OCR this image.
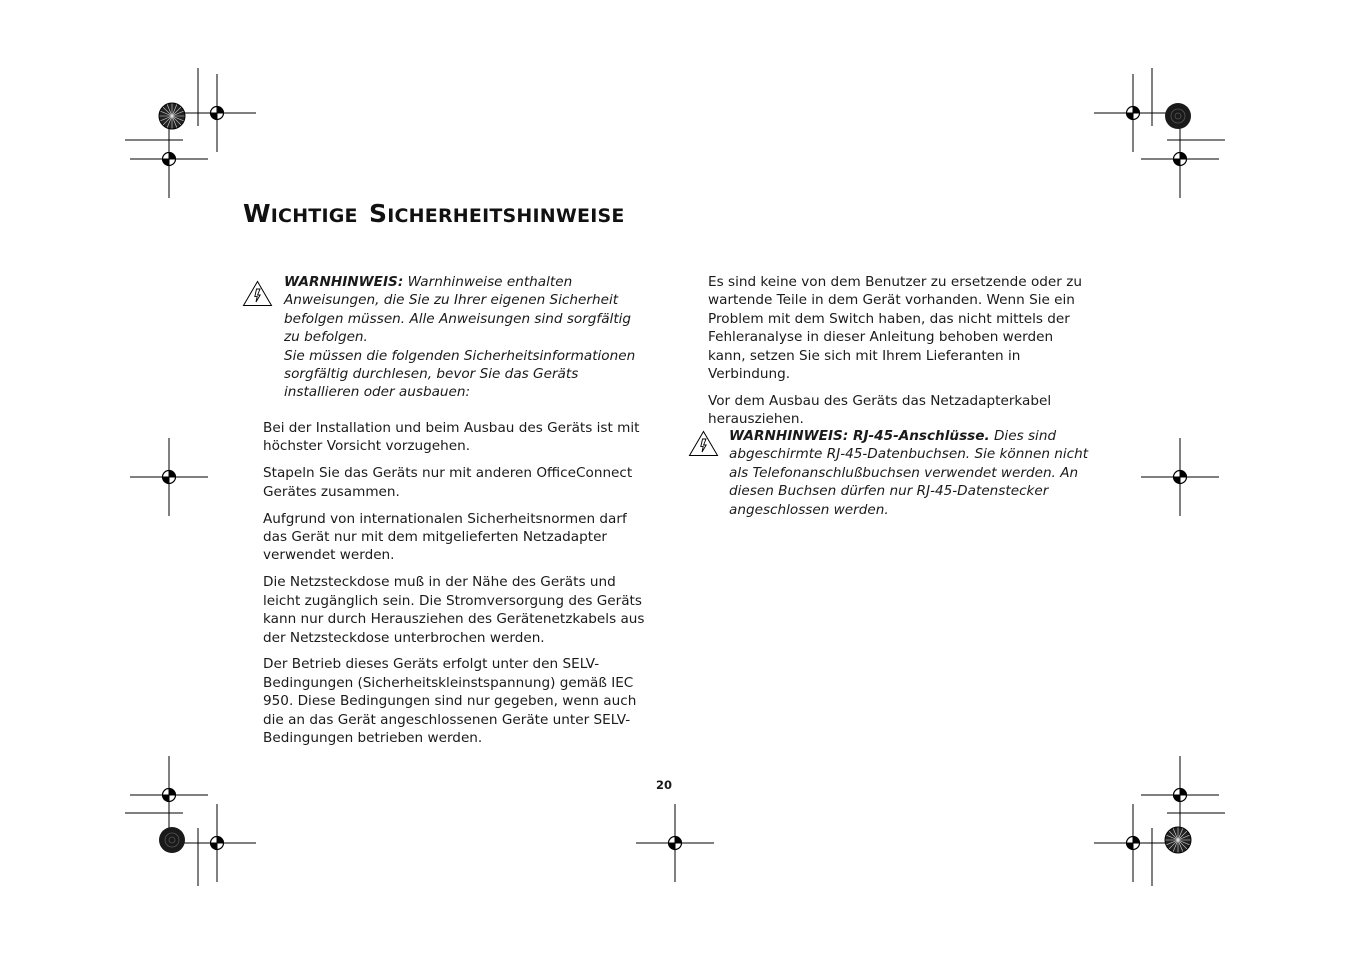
WICHTIGE SICHERHEITSHINWEISE

WARNHINWEIS: Warnhinweise enthalten Anweisungen, die Sie zu Ihrer eigenen Sicherheit befolgen müssen. Alle Anweisungen sind sorgfältig zu befolgen.

Sie müssen die folgenden Sicherheitsinformationen sorgfältig durchlesen, bevor Sie das Geräts installieren oder ausbauen:

Bei der Installation und beim Ausbau des Geräts ist mit höchster Vorsicht vorzugehen.

Stapeln Sie das Geräts nur mit anderen OfficeConnect Gerätes zusammen.

Aufgrund von internationalen Sicherheitsnormen darf das Gerät nur mit dem mitgelieferten Netzadapter verwendet werden.

Die Netzsteckdose muß in der Nähe des Geräts und leicht zugänglich sein. Die Stromversorgung des Geräts kann nur durch Herausziehen des Gerätenetzkabels aus der Netzsteckdose unterbrochen werden.

Der Betrieb dieses Geräts erfolgt unter den SELV-Bedingungen (Sicherheitskleinstspannung) gemäß IEC 950. Diese Bedingungen sind nur gegeben, wenn auch die an das Gerät angeschlossenen Geräte unter SELV-Bedingungen betrieben werden.

Es sind keine von dem Benutzer zu ersetzende oder zu wartende Teile in dem Gerät vorhanden. Wenn Sie ein Problem mit dem Switch haben, das nicht mittels der Fehleranalyse in dieser Anleitung behoben werden kann, setzen Sie sich mit Ihrem Lieferanten in Verbindung.

Vor dem Ausbau des Geräts das Netzadapterkabel herausziehen.

WARNHINWEIS: RJ-45-Anschlüsse. Dies sind abgeschirmte RJ-45-Datenbuchsen. Sie können nicht als Telefonanschlußbuchsen verwendet werden. An diesen Buchsen dürfen nur RJ-45-Datenstecker angeschlossen werden.

20
